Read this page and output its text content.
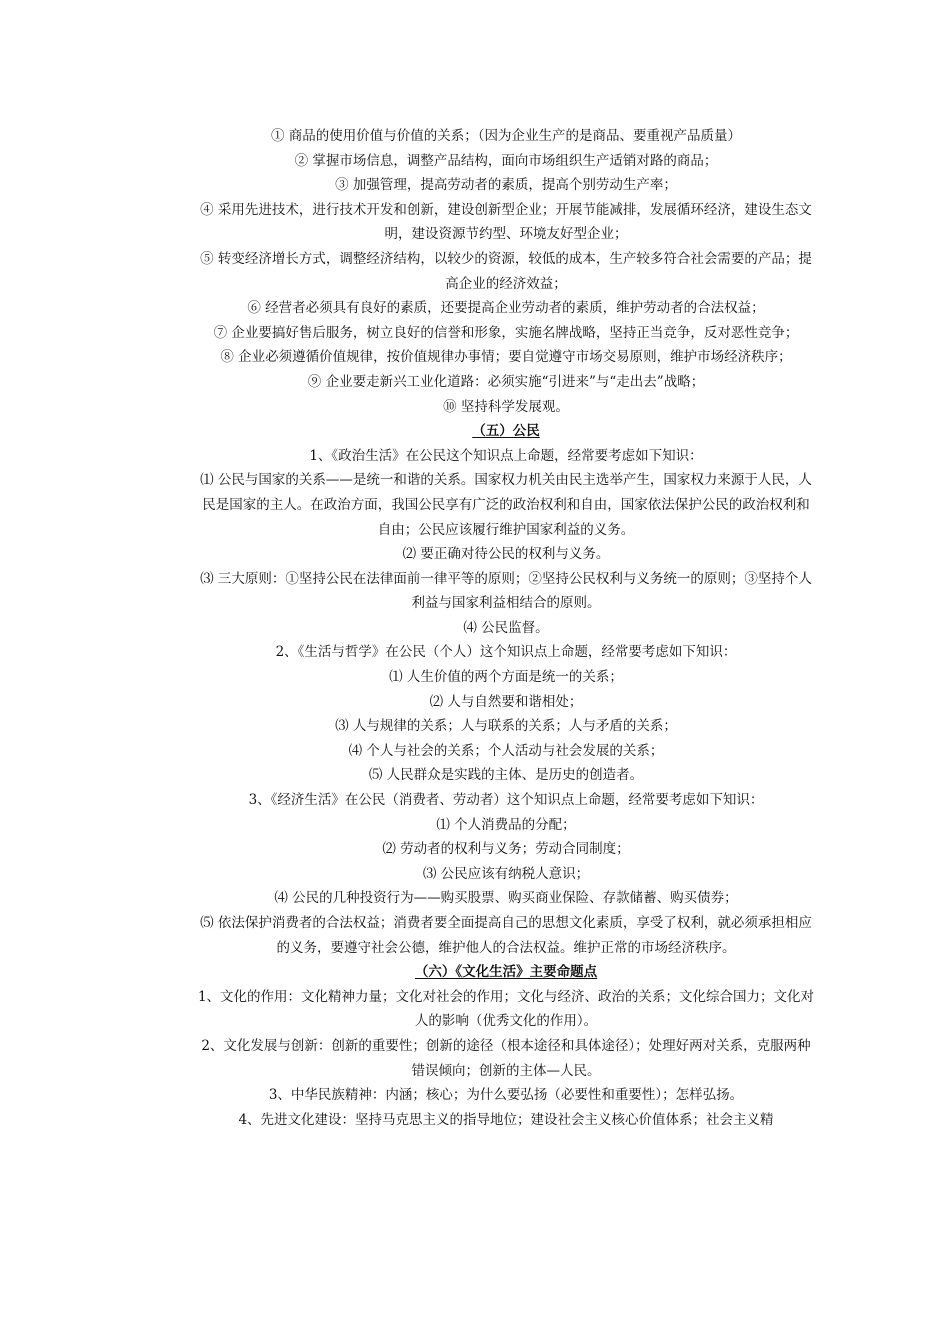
① 商品的使用价值与价值的关系；（因为企业生产的是商品、要重视产品质量）

② 掌握市场信息，调整产品结构，面向市场组织生产适销对路的商品；

③ 加强管理，提高劳动者的素质，提高个别劳动生产率；

④ 采用先进技术，进行技术开发和创新，建设创新型企业；开展节能减排，发展循环经济，建设生态文明，建设资源节约型、环境友好型企业；

⑤ 转变经济增长方式，调整经济结构，以较少的资源，较低的成本，生产较多符合社会需要的产品；提高企业的经济效益；

⑥ 经营者必须具有良好的素质，还要提高企业劳动者的素质，维护劳动者的合法权益；

⑦ 企业要搞好售后服务，树立良好的信誉和形象，实施名牌战略，坚持正当竞争，反对恶性竞争；

⑧ 企业必须遵循价值规律，按价值规律办事情；要自觉遵守市场交易原则，维护市场经济秩序；

⑨ 企业要走新兴工业化道路：必须实施“引进来”与“走出去”战略；

⑩ 坚持科学发展观。

（五）公民

1、《政治生活》在公民这个知识点上命题，经常要考虑如下知识：

⑴ 公民与国家的关系——是统一和谐的关系。国家权力机关由民主选举产生，国家权力来源于人民，人民是国家的主人。在政治方面，我国公民享有广泛的政治权利和自由，国家依法保护公民的政治权利和自由；公民应该履行维护国家利益的义务。

⑵ 要正确对待公民的权利与义务。

⑶ 三大原则：①坚持公民在法律面前一律平等的原则；②坚持公民权利与义务统一的原则；③坚持个人利益与国家利益相结合的原则。

⑷ 公民监督。

2、《生活与哲学》在公民（个人）这个知识点上命题，经常要考虑如下知识：

⑴ 人生价值的两个方面是统一的关系；

⑵ 人与自然要和谐相处；

⑶ 人与规律的关系；人与联系的关系；人与矛盾的关系；

⑷ 个人与社会的关系；个人活动与社会发展的关系；

⑸ 人民群众是实践的主体、是历史的创造者。

3、《经济生活》在公民（消费者、劳动者）这个知识点上命题，经常要考虑如下知识：

⑴ 个人消费品的分配；

⑵ 劳动者的权利与义务；劳动合同制度；

⑶ 公民应该有纳税人意识；

⑷ 公民的几种投资行为——购买股票、购买商业保险、存款储蓄、购买债券；

⑸ 依法保护消费者的合法权益；消费者要全面提高自己的思想文化素质，享受了权利，就必须承担相应的义务，要遵守社会公德，维护他人的合法权益。维护正常的市场经济秩序。

（六）《文化生活》主要命题点

1、文化的作用：文化精神力量；文化对社会的作用；文化与经济、政治的关系；文化综合国力；文化对人的影响（优秀文化的作用）。

2、文化发展与创新：创新的重要性；创新的途径（根本途径和具体途径）；处理好两对关系，克服两种错误倾向；创新的主体—人民。

3、中华民族精神：内涵；核心；为什么要弘扬（必要性和重要性）；怎样弘扬。

4、先进文化建设：坚持马克思主义的指导地位；建设社会主义核心价值体系；社会主义精
